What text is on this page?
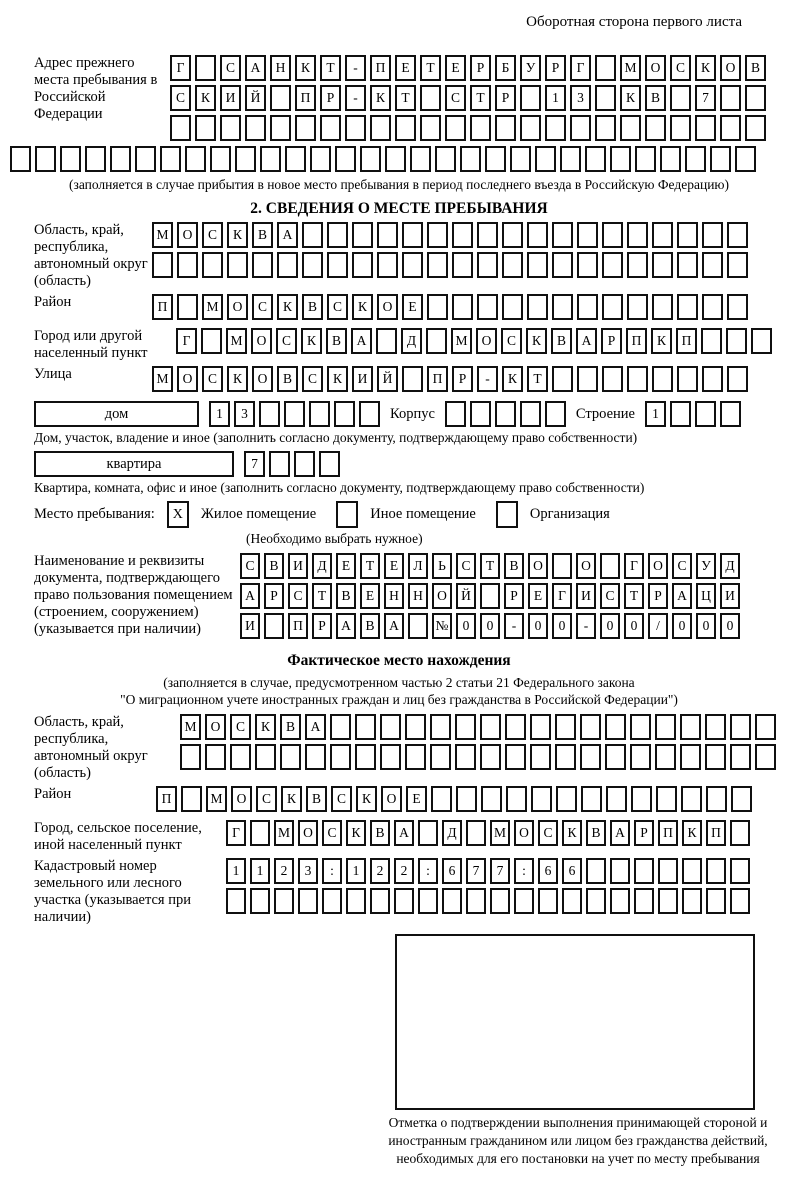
Оборотная сторона первого листа
Адрес прежнего места пребывания в Российской Федерации
Г	С	А	Н	К	Т	-	П	Е	Т	Е	Р	Б	У	Р	Г	М	О	С	К	О	В
С	К	И	Й	П	Р	-	К	Т	С	Т	Р	1	3	К	В	7
(заполняется в случае прибытия в новое место пребывания в период последнего въезда в Российскую Федерацию)
2. СВЕДЕНИЯ О МЕСТЕ ПРЕБЫВАНИЯ
Область, край, республика, автономный округ (область)
М	О	С	К	В	А
Район	П	М	О	С	К	В	С	К	О	Е
Город или другой населенный пункт
Г	М	О	С	К	В	А	Д	М	О	С	К	В	А	Р	П	К	П
Улица	М	О	С	К	О	В	С	К	И	Й	П	Р	-	К	Т
дом	1	3	Корпус	Строение	1
Дом, участок, владение и иное (заполнить согласно документу, подтверждающему право собственности)
квартира	7
Квартира, комната, офис и иное (заполнить согласно документу, подтверждающему право собственности)
Место пребывания:	X	Жилое помещение	Иное помещение	Организация
(Необходимо выбрать нужное)
Наименование и реквизиты документа, подтверждающего право пользования помещением (строением, сооружением) (указывается при наличии)
С	В	И	Д	Е	Т	Е	Л	Ь	С	Т	В	О	О	Г	О	С	У	Д
А	Р	С	Т	В	Е	Н	Н	О	Й	Р	Е	Г	И	С	Т	Р	А	Ц	И
И	П	Р	А	В	А	№	0	0	-	0	0	-	0	0	/	0	0	0
Фактическое место нахождения
(заполняется в случае, предусмотренном частью 2 статьи 21 Федерального закона
"О миграционном учете иностранных граждан и лиц без гражданства в Российской Федерации")
Область, край, республика, автономный округ (область)
М	О	С	К	В	А
Район	П	М	О	С	К	В	С	К	О	Е
Город, сельское поселение, иной населенный пункт
Г	М О	С	К	В	А	Д	М О	С	К	В	А	Р	П	К	П
Кадастровый номер земельного или лесного участка (указывается при наличии)
1	1	2	3	:	1	2	2	:	6	7	7	:	6	6
Отметка о подтверждении выполнения принимающей стороной и иностранным гражданином или лицом без гражданства действий, необходимых для его постановки на учет по месту пребывания
